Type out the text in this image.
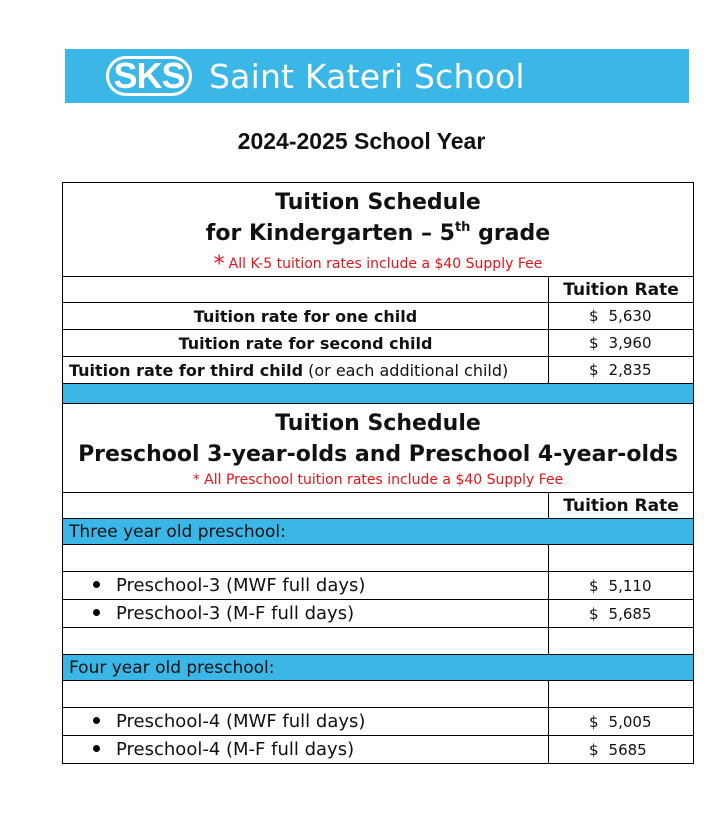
SKS Saint Kateri School
2024-2025 School Year
Tuition Schedule
for Kindergarten – 5th grade
* All K-5 tuition rates include a $40 Supply Fee	

	Tuition Rate
Tuition rate for one child	$ 5,630
Tuition rate for second child	$ 3,960
Tuition rate for third child (or each additional child)	$ 2,835

Tuition Schedule
Preschool 3-year-olds and Preschool 4-year-olds
* All Preschool tuition rates include a $40 Supply Fee	

	Tuition Rate
Three year old preschool:	

Preschool-3 (MWF full days)	$ 5,110
Preschool-3 (M-F full days)	$ 5,685

Four year old preschool:	

Preschool-4 (MWF full days)	$ 5,005
Preschool-4 (M-F full days)	$ 5685
